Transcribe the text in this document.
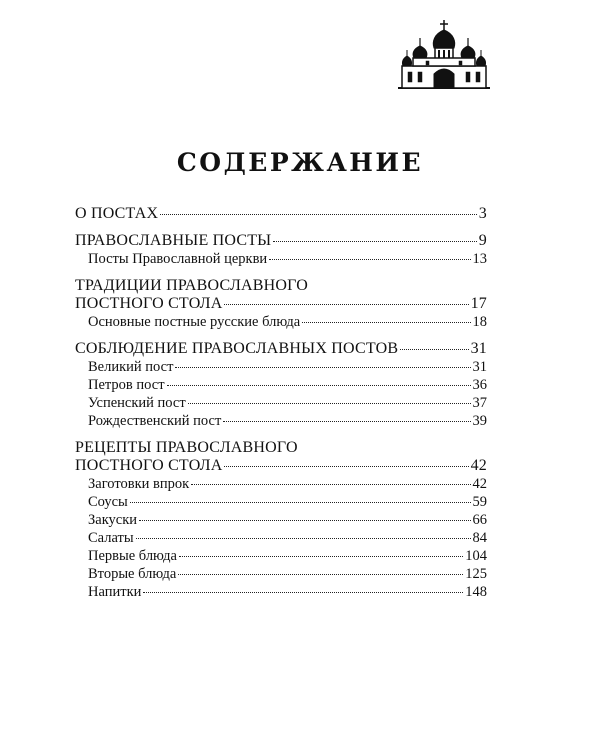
СОДЕРЖАНИЕ
О ПОСТАХ	3
ПРАВОСЛАВНЫЕ ПОСТЫ	9
Посты Православной церкви	13
ТРАДИЦИИ ПРАВОСЛАВНОГО
ПОСТНОГО СТОЛА	17
Основные постные русские блюда	18
СОБЛЮДЕНИЕ ПРАВОСЛАВНЫХ ПОСТОВ	31
Великий пост	31
Петров пост	36
Успенский пост	37
Рождественский пост	39
РЕЦЕПТЫ ПРАВОСЛАВНОГО
ПОСТНОГО СТОЛА	42
Заготовки впрок	42
Соусы	59
Закуски	66
Салаты	84
Первые блюда	104
Вторые блюда	125
Напитки	148
